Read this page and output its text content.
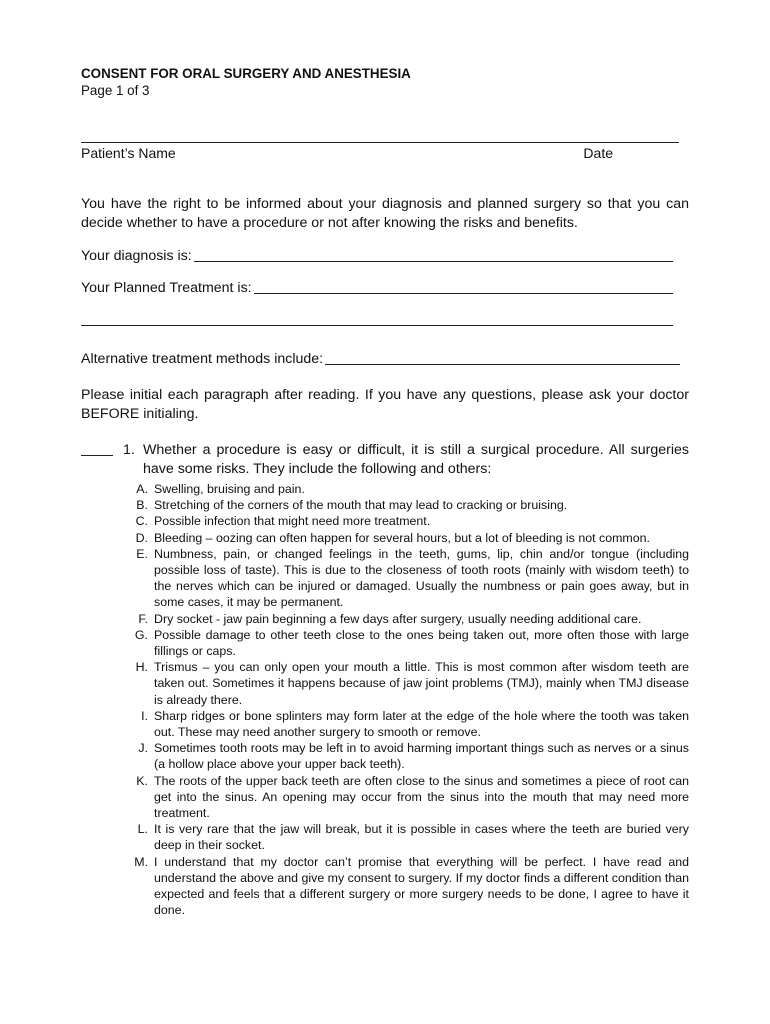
CONSENT FOR ORAL SURGERY AND ANESTHESIA
Page 1 of 3
Patient’s Name	Date

You have the right to be informed about your diagnosis and planned surgery so that you can decide whether to have a procedure or not after knowing the risks and benefits.

Your diagnosis is:
Your Planned Treatment is:
Alternative treatment methods include:

Please initial each paragraph after reading. If you have any questions, please ask your doctor BEFORE initialing.

1. Whether a procedure is easy or difficult, it is still a surgical procedure. All surgeries have some risks. They include the following and others:
A. Swelling, bruising and pain.
B. Stretching of the corners of the mouth that may lead to cracking or bruising.
C. Possible infection that might need more treatment.
D. Bleeding – oozing can often happen for several hours, but a lot of bleeding is not common.
E. Numbness, pain, or changed feelings in the teeth, gums, lip, chin and/or tongue (including possible loss of taste). This is due to the closeness of tooth roots (mainly with wisdom teeth) to the nerves which can be injured or damaged. Usually the numbness or pain goes away, but in some cases, it may be permanent.
F. Dry socket - jaw pain beginning a few days after surgery, usually needing additional care.
G. Possible damage to other teeth close to the ones being taken out, more often those with large fillings or caps.
H. Trismus – you can only open your mouth a little. This is most common after wisdom teeth are taken out. Sometimes it happens because of jaw joint problems (TMJ), mainly when TMJ disease is already there.
I. Sharp ridges or bone splinters may form later at the edge of the hole where the tooth was taken out. These may need another surgery to smooth or remove.
J. Sometimes tooth roots may be left in to avoid harming important things such as nerves or a sinus (a hollow place above your upper back teeth).
K. The roots of the upper back teeth are often close to the sinus and sometimes a piece of root can get into the sinus. An opening may occur from the sinus into the mouth that may need more treatment.
L. It is very rare that the jaw will break, but it is possible in cases where the teeth are buried very deep in their socket.
M. I understand that my doctor can’t promise that everything will be perfect. I have read and understand the above and give my consent to surgery. If my doctor finds a different condition than expected and feels that a different surgery or more surgery needs to be done, I agree to have it done.
